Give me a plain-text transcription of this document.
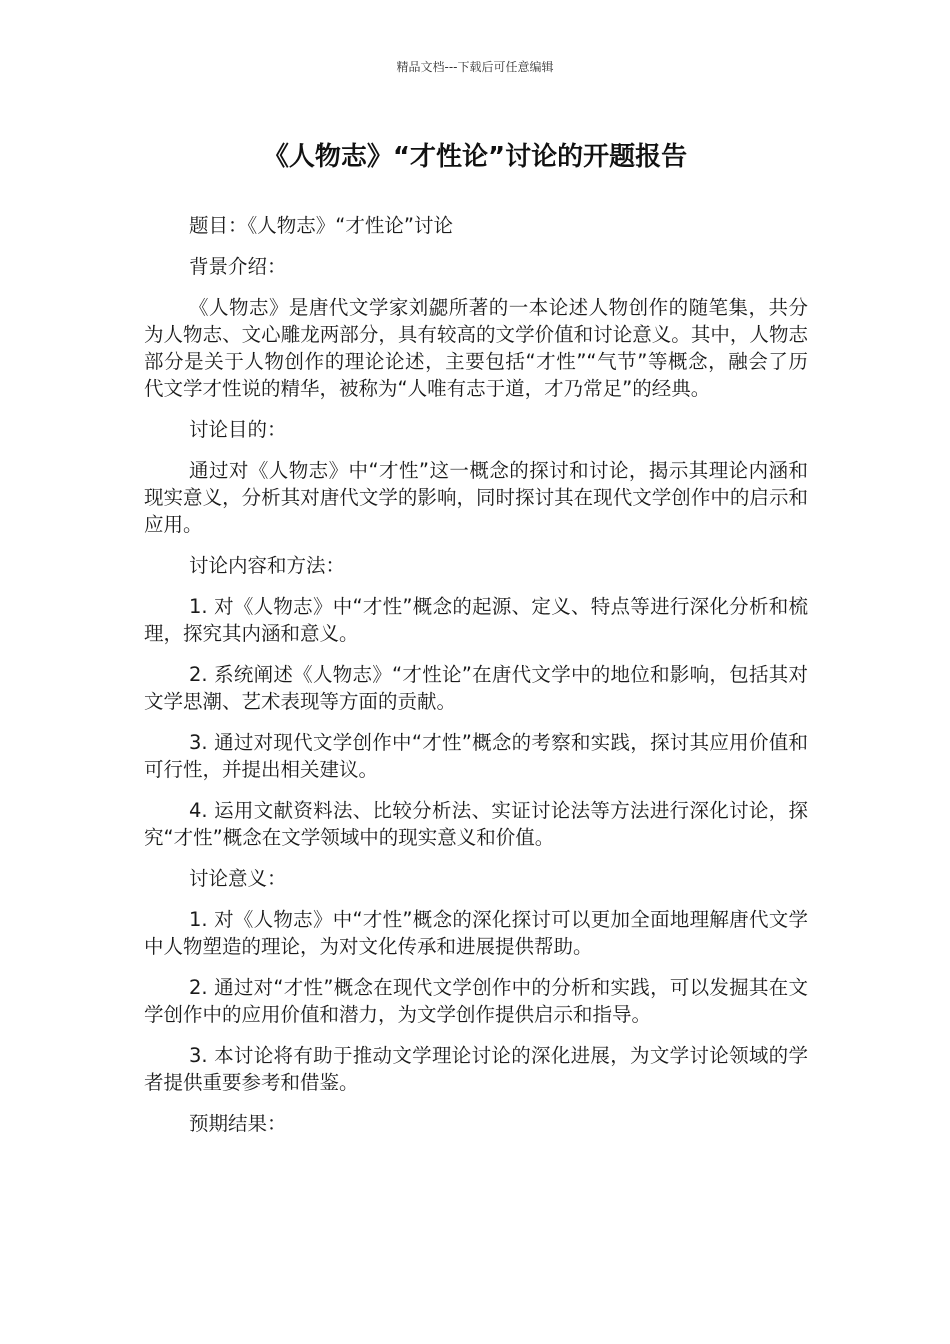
精品文档---下载后可任意编辑
《人物志》“才性论”讨论的开题报告

题目：《人物志》“才性论”讨论

背景介绍：

《人物志》是唐代文学家刘勰所著的一本论述人物创作的随笔集，共分为人物志、文心雕龙两部分，具有较高的文学价值和讨论意义。其中，人物志部分是关于人物创作的理论论述，主要包括“才性”“气节”等概念，融会了历代文学才性说的精华，被称为“人唯有志于道，才乃常足”的经典。

讨论目的：

通过对《人物志》中“才性”这一概念的探讨和讨论，揭示其理论内涵和现实意义，分析其对唐代文学的影响，同时探讨其在现代文学创作中的启示和应用。

讨论内容和方法：

1. 对《人物志》中“才性”概念的起源、定义、特点等进行深化分析和梳理，探究其内涵和意义。

2. 系统阐述《人物志》“才性论”在唐代文学中的地位和影响，包括其对文学思潮、艺术表现等方面的贡献。

3. 通过对现代文学创作中“才性”概念的考察和实践，探讨其应用价值和可行性，并提出相关建议。

4. 运用文献资料法、比较分析法、实证讨论法等方法进行深化讨论，探究“才性”概念在文学领域中的现实意义和价值。

讨论意义：

1. 对《人物志》中“才性”概念的深化探讨可以更加全面地理解唐代文学中人物塑造的理论，为对文化传承和进展提供帮助。

2. 通过对“才性”概念在现代文学创作中的分析和实践，可以发掘其在文学创作中的应用价值和潜力，为文学创作提供启示和指导。

3. 本讨论将有助于推动文学理论讨论的深化进展，为文学讨论领域的学者提供重要参考和借鉴。

预期结果：
